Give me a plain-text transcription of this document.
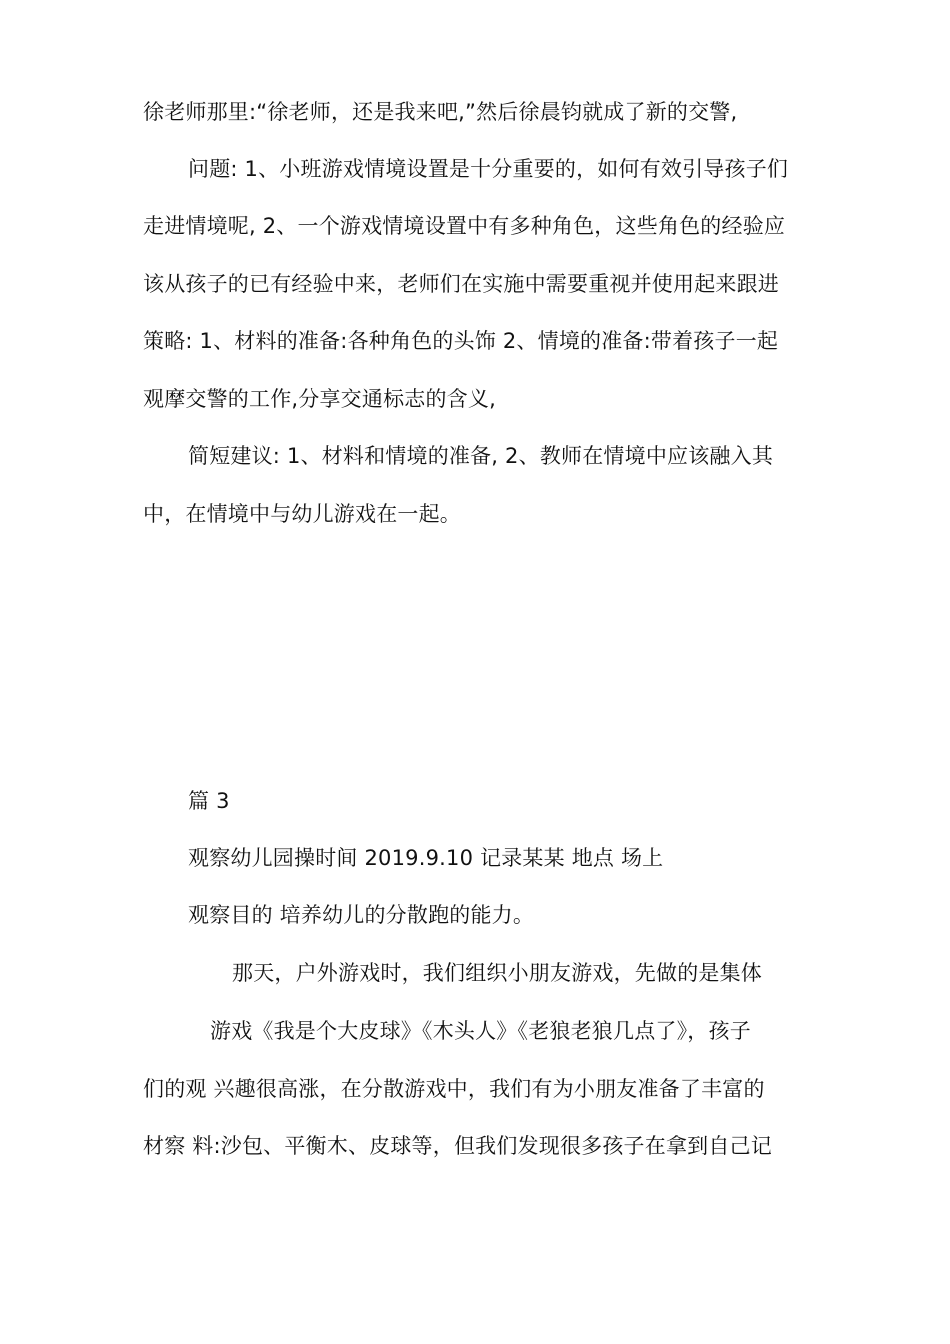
徐老师那里:“徐老师，还是我来吧,”然后徐晨钧就成了新的交警,
问题: 1、小班游戏情境设置是十分重要的，如何有效引导孩子们
走进情境呢, 2、一个游戏情境设置中有多种角色，这些角色的经验应
该从孩子的已有经验中来，老师们在实施中需要重视并使用起来跟进
策略: 1、材料的准备:各种角色的头饰 2、情境的准备:带着孩子一起
观摩交警的工作,分享交通标志的含义,
简短建议: 1、材料和情境的准备, 2、教师在情境中应该融入其
中，在情境中与幼儿游戏在一起。
篇 3
观察幼儿园操时间 2019.9.10 记录某某 地点 场上
观察目的 培养幼儿的分散跑的能力。
那天，户外游戏时，我们组织小朋友游戏，先做的是集体
游戏《我是个大皮球》《木头人》《老狼老狼几点了》，孩子
们的观 兴趣很高涨，在分散游戏中，我们有为小朋友准备了丰富的
材察 料:沙包、平衡木、皮球等，但我们发现很多孩子在拿到自己记
